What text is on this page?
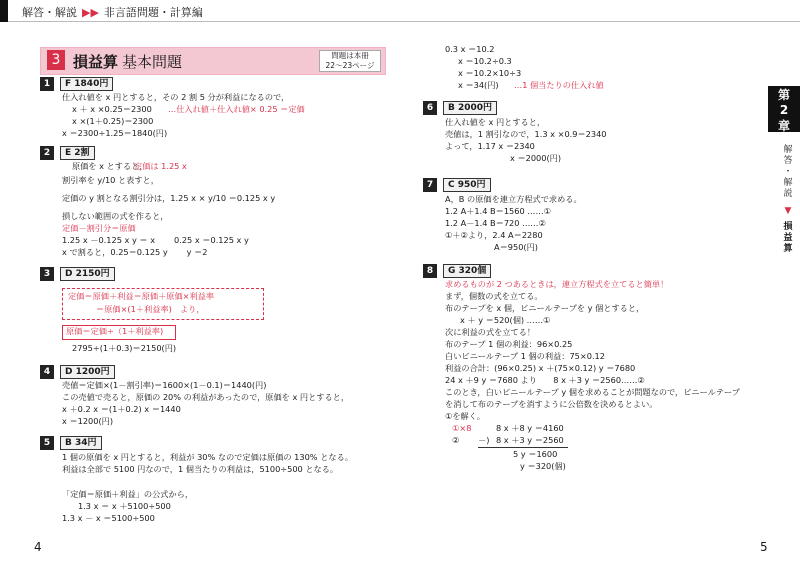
解答・解説 ▶▶ 非言語問題・計算編
3 損益算 基本問題	問題は本冊
22～23ページ
1	F 1840円
仕入れ値を x 円とすると，その 2 割 5 分が利益になるので，
x ＋ x ×0.25＝2300 …仕入れ値＋仕入れ値× 0.25 ＝定価
x ×(1＋0.25)＝2300
x ＝2300÷1.25＝1840(円)
2	E 2割
原価を x とすると，
定価は 1.25 x
割引率を y/10 と表すと，
定価の y 割となる割引分は，1.25 x × y/10 ＝0.125 x y
損しない範囲の式を作ると，
定価－割引分＝原価
1.25 x －0.125 x y ＝ x 　　0.25 x ＝0.125 x y
x で割ると，0.25＝0.125 y 　　y ＝2
3	D 2150円
定価＝原価＋利益＝原価＋原価×利益率
＝原価×(1＋利益率)　より，
原価＝定価÷（1＋利益率)
2795÷(1＋0.3)＝2150(円)
4	D 1200円
売値＝定価×(1－割引率)＝1600×(1－0.1)＝1440(円)
この売値で売ると，原価の 20% の利益があったので，原価を x 円とすると，
x ＋0.2 x ＝(1＋0.2) x ＝1440
x ＝1200(円)
5	B 34円
1 個の原価を x 円とすると，利益が 30% なので定価は原価の 130% となる。
利益は全部で 5100 円なので，1 個当たりの利益は，5100÷500 となる。
「定価＝原価＋利益」の公式から，
1.3 x ＝ x ＋5100÷500
1.3 x － x ＝5100÷500
0.3 x ＝10.2
x ＝10.2÷0.3
x ＝10.2×10÷3
x ＝34(円) …1 個当たりの仕入れ値
6	B 2000円
仕入れ値を x 円とすると，
売値は，1 割引なので，1.3 x ×0.9＝2340
よって，1.17 x ＝2340
x ＝2000(円)
7	C 950円
A，B の原価を連立方程式で求める。
1.2 A＋1.4 B＝1560 ……①
1.2 A－1.4 B＝720 ……②
①＋②より，2.4 A＝2280
A＝950(円)
8	G 320個
求めるものが 2 つあるときは，連立方程式を立てると簡単！
まず，個数の式を立てる。
布のテープを x 個，ビニールテープを y 個とすると，
x ＋ y ＝520(個) ……①
次に利益の式を立てる！
布のテープ 1 個の利益：96×0.25
白いビニールテープ 1 個の利益：75×0.12
利益の合計：(96×0.25) x ＋(75×0.12) y ＝7680
24 x ＋9 y ＝7680 より　　8 x ＋3 y ＝2560……②
このとき，白いビニールテープ y 個を求めることが問題なので，ビニールテープ
を消して布のテープを消すように公倍数を決めるとよい。
①を解く。
①×8	8 x ＋8 y ＝4160
② －) 8 x ＋3 y ＝2560
5 y ＝1600
y ＝320(個)
第
2
章
解
答
・
解
説
▼
損
益
算
4	5
